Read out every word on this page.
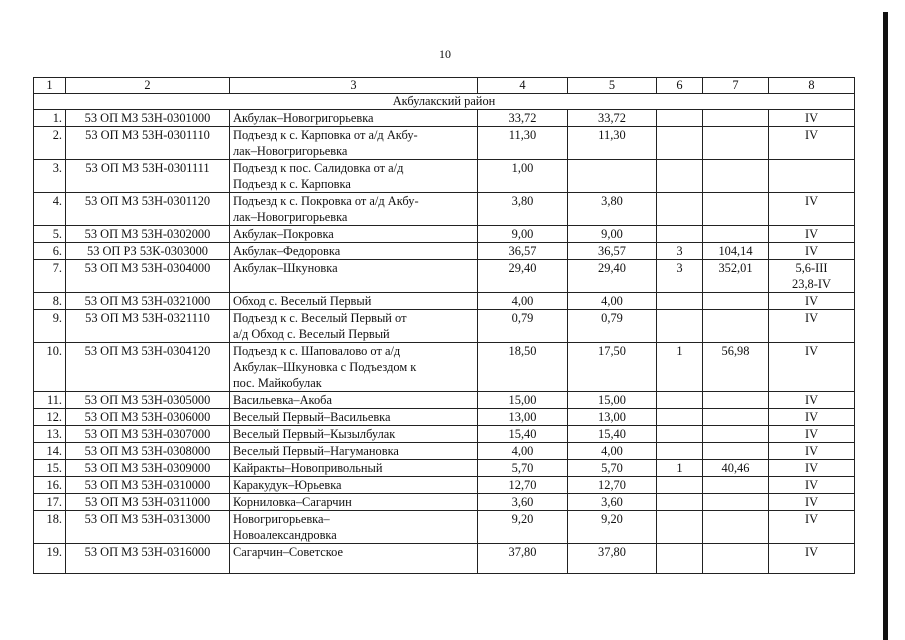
10
1	2	3	4	5	6	7	8
Акбулакский район							
1.	53 ОП МЗ 53Н-0301000	Акбулак–Новогригорьевка	33,72	33,72			IV

2.	53 ОП МЗ 53Н-0301110	Подъезд к с. Карповка от а/д Акбу-
лак–Новогригорьевка	11,30	11,30			IV

3.	53 ОП МЗ 53Н-0301111	Подъезд к пос. Салидовка от а/д
Подъезд к с. Карповка	1,00				
4.	53 ОП МЗ 53Н-0301120	Подъезд к с. Покровка от а/д Акбу-
лак–Новогригорьевка	3,80	3,80			IV

5.	53 ОП МЗ 53Н-0302000	Акбулак–Покровка	9,00	9,00			IV

6.	53 ОП РЗ 53К-0303000	Акбулак–Федоровка	36,57	36,57	3	104,14	IV

7.	53 ОП МЗ 53Н-0304000	Акбулак–Шкуновка	29,40	29,40	3	352,01	5,6-III
23,8-IV

8.	53 ОП МЗ 53Н-0321000	Обход с. Веселый Первый	4,00	4,00			IV

9.	53 ОП МЗ 53Н-0321110	Подъезд к с. Веселый Первый от
а/д Обход с. Веселый Первый	0,79	0,79			IV

10.	53 ОП МЗ 53Н-0304120	Подъезд к с. Шаповалово от а/д
Акбулак–Шкуновка с Подъездом к
пос. Майкобулак	18,50	17,50	1	56,98	IV

11.	53 ОП МЗ 53Н-0305000	Васильевка–Акоба	15,00	15,00			IV

12.	53 ОП МЗ 53Н-0306000	Веселый Первый–Васильевка	13,00	13,00			IV

13.	53 ОП МЗ 53Н-0307000	Веселый Первый–Кызылбулак	15,40	15,40			IV

14.	53 ОП МЗ 53Н-0308000	Веселый Первый–Нагумановка	4,00	4,00			IV

15.	53 ОП МЗ 53Н-0309000	Кайракты–Новопривольный	5,70	5,70	1	40,46	IV

16.	53 ОП МЗ 53Н-0310000	Каракудук–Юрьевка	12,70	12,70			IV

17.	53 ОП МЗ 53Н-0311000	Корниловка–Сагарчин	3,60	3,60			IV

18.	53 ОП МЗ 53Н-0313000	Новогригорьевка–
Новоалександровка	9,20	9,20			IV

19.	53 ОП МЗ 53Н-0316000	Сагарчин–Советское	37,80	37,80			IV
